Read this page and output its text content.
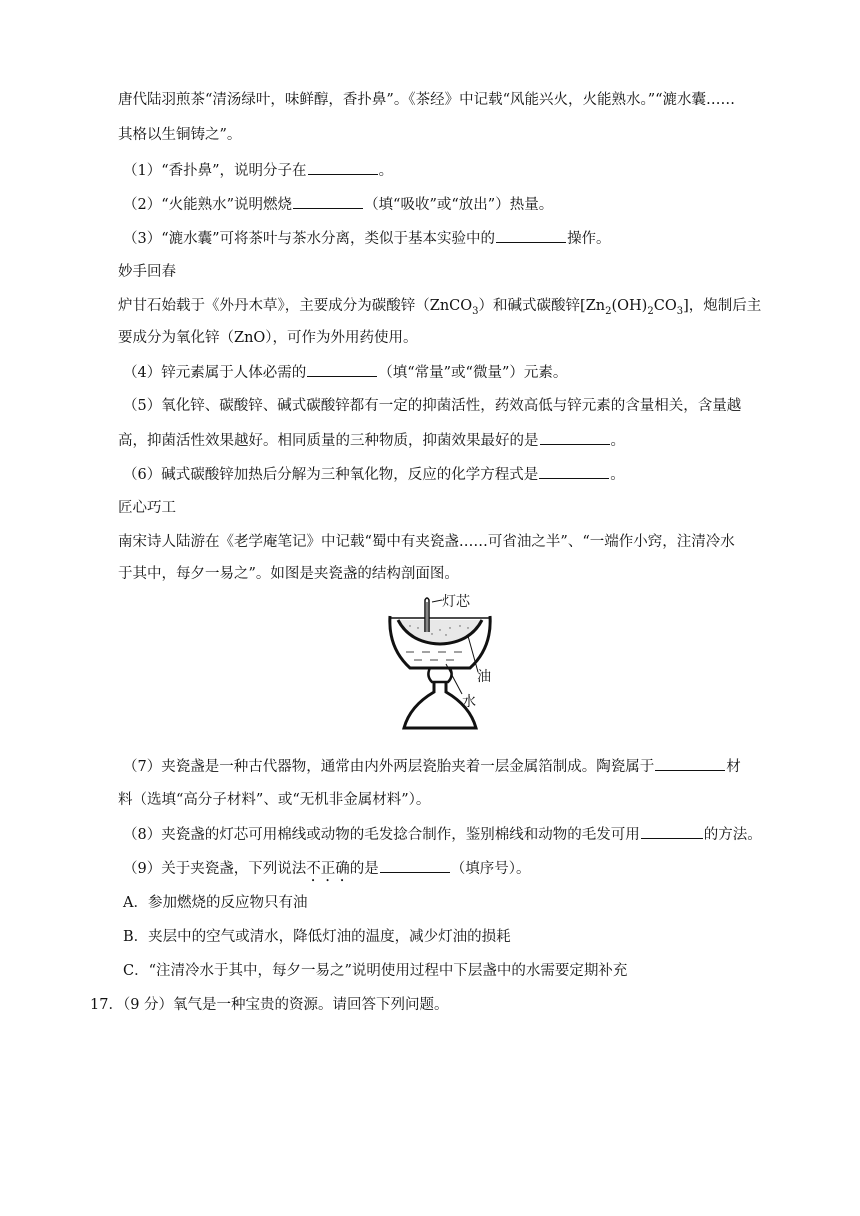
唐代陆羽煎茶“清汤绿叶，味鲜醇，香扑鼻”。《茶经》中记载“风能兴火，火能熟水。”“漉水囊……
其格以生铜铸之”。
（1）“香扑鼻”，说明分子在	。
（2）“火能熟水”说明燃烧	（填“吸收”或“放出”）热量。
（3）“漉水囊”可将茶叶与茶水分离，类似于基本实验中的	操作。
妙手回春
炉甘石始载于《外丹木草》，主要成分为碳酸锌（ZnCO$_3$）和碱式碳酸锌$[Zn_2(OH)_2CO_3]$，炮制后主
要成分为氧化锌（ZnO），可作为外用药使用。
（4）锌元素属于人体必需的	（填“常量”或“微量”）元素。
（5）氧化锌、碳酸锌、碱式碳酸锌都有一定的抑菌活性，药效高低与锌元素的含量相关，含量越
高，抑菌活性效果越好。相同质量的三种物质，抑菌效果最好的是	。
（6）碱式碳酸锌加热后分解为三种氧化物，反应的化学方程式是	。
匠心巧工
南宋诗人陆游在《老学庵笔记》中记载“蜀中有夹瓷盏……可省油之半”、“一端作小窍，注清冷水
于其中，每夕一易之”。如图是夹瓷盏的结构剖面图。
灯芯
油
水
（7）夹瓷盏是一种古代器物，通常由内外两层瓷胎夹着一层金属箔制成。陶瓷属于	材
料（选填“高分子材料”、或“无机非金属材料”）。
（8）夹瓷盏的灯芯可用棉线或动物的毛发捻合制作，鉴别棉线和动物的毛发可用	的方法。
（9）关于夹瓷盏，下列说法不正确的是	（填序号）。
A．参加燃烧的反应物只有油
B．夹层中的空气或清水，降低灯油的温度，减少灯油的损耗
C．“注清冷水于其中，每夕一易之”说明使用过程中下层盏中的水需要定期补充
17．（9 分）氧气是一种宝贵的资源。请回答下列问题。
